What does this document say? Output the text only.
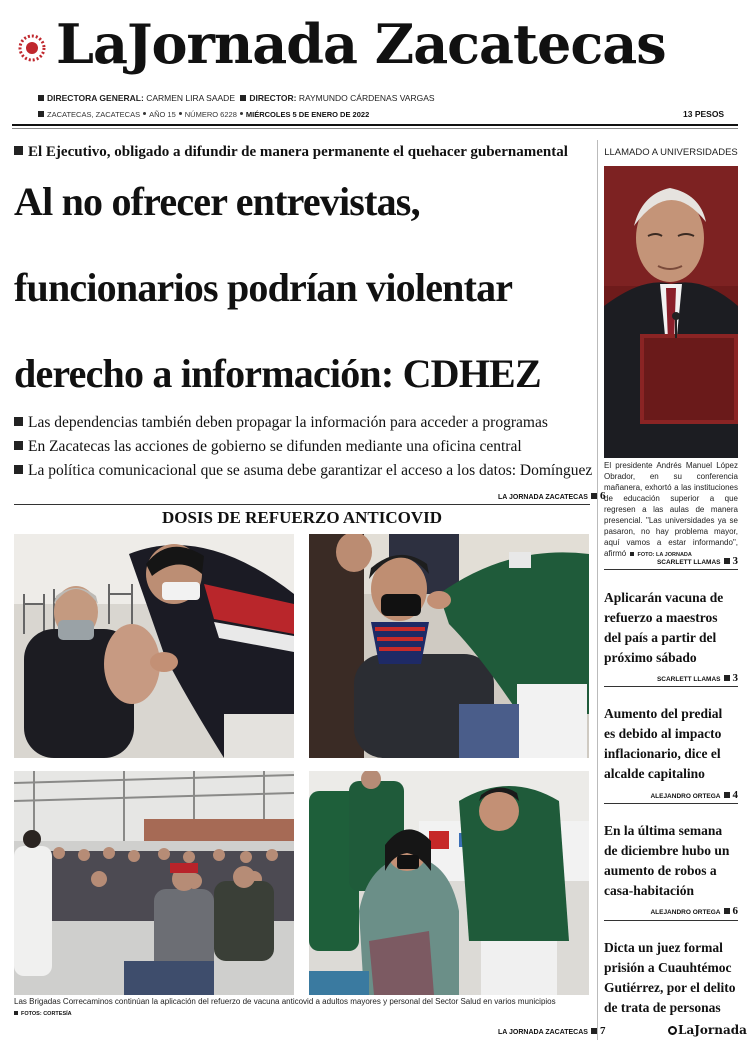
LaJornada Zacatecas
DIRECTORA GENERAL: CARMEN LIRA SAADE DIRECTOR: RAYMUNDO CÁRDENAS VARGAS
ZACATECAS, ZACATECAS AÑO 15 NÚMERO 6228 MIÉRCOLES 5 DE ENERO DE 2022	13 PESOS
El Ejecutivo, obligado a difundir de manera permanente el quehacer gubernamental
Al no ofrecer entrevistas,
funcionarios podrían violentar
derecho a información: CDHEZ
Las dependencias también deben propagar la información para acceder a programas
En Zacatecas las acciones de gobierno se difunden mediante una oficina central
La política comunicacional que se asuma debe garantizar el acceso a los datos: Domínguez
LA JORNADA ZACATECAS 6
DOSIS DE REFUERZO ANTICOVID
Las Brigadas Correcaminos continúan la aplicación del refuerzo de vacuna anticovid a adultos mayores y personal del Sector Salud en varios municipios
FOTOS: CORTESÍA
LA JORNADA ZACATECAS 7
LLAMADO A UNIVERSIDADES
El presidente Andrés Manuel López Obrador, en su conferencia mañanera, exhortó a las instituciones de educación superior a que regresen a las aulas de manera presencial. "Las universidades ya se pasaron, no hay problema mayor, aquí vamos a estar informando", afirmó FOTO: LA JORNADA
SCARLETT LLAMAS 3
Aplicarán vacuna de
refuerzo a maestros
del país a partir del
próximo sábado
SCARLETT LLAMAS 3
Aumento del predial
es debido al impacto
inflacionario, dice el
alcalde capitalino
ALEJANDRO ORTEGA 4
En la última semana
de diciembre hubo un
aumento de robos a
casa-habitación
ALEJANDRO ORTEGA 6
Dicta un juez formal
prisión a Cuauhtémoc
Gutiérrez, por el delito
de trata de personas
LaJornada
